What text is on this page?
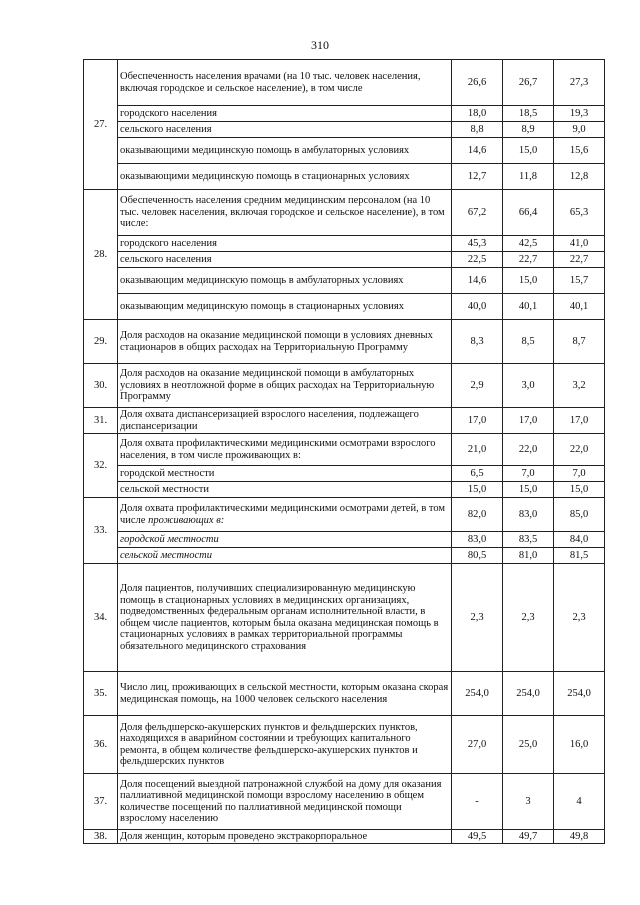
310
27.	Обеспеченность населения врачами (на 10 тыс. человек населения, включая городское и сельское население), в том числе	26,6	26,7	27,3
	городского населения	18,0	18,5	19,3
	сельского населения	8,8	8,9	9,0
	оказывающими медицинскую помощь в амбулаторных условиях	14,6	15,0	15,6
	оказывающими медицинскую помощь в стационарных условиях	12,7	11,8	12,8
28.	Обеспеченность населения средним медицинским персоналом (на 10 тыс. человек населения, включая городское и сельское население), в том числе:	67,2	66,4	65,3
	городского населения	45,3	42,5	41,0
	сельского населения	22,5	22,7	22,7
	оказывающим медицинскую помощь в амбулаторных условиях	14,6	15,0	15,7
	оказывающим медицинскую помощь в стационарных условиях	40,0	40,1	40,1
29.	Доля расходов на оказание медицинской помощи в условиях дневных стационаров в общих расходах на Территориальную Программу	8,3	8,5	8,7
30.	Доля расходов на оказание медицинской помощи в амбулаторных условиях в неотложной форме в общих расходах на Территориальную Программу	2,9	3,0	3,2
31.	Доля охвата диспансеризацией взрослого населения, подлежащего диспансеризации	17,0	17,0	17,0
32.	Доля охвата профилактическими медицинскими осмотрами взрослого населения, в том числе проживающих в:	21,0	22,0	22,0
	городской местности	6,5	7,0	7,0
	сельской местности	15,0	15,0	15,0
33.	Доля охвата профилактическими медицинскими осмотрами детей, в том числе проживающих в:	82,0	83,0	85,0
	городской местности	83,0	83,5	84,0
	сельской местности	80,5	81,0	81,5
34.	Доля пациентов, получивших специализированную медицинскую помощь в стационарных условиях в медицинских организациях, подведомственных федеральным органам исполнительной власти, в общем числе пациентов, которым была оказана медицинская помощь в стационарных условиях в рамках территориальной программы обязательного медицинского страхования	2,3	2,3	2,3
35.	Число лиц, проживающих в сельской местности, которым оказана скорая медицинская помощь, на 1000 человек сельского населения	254,0	254,0	254,0
36.	Доля фельдшерско-акушерских пунктов и фельдшерских пунктов, находящихся в аварийном состоянии и требующих капитального ремонта, в общем количестве фельдшерско-акушерских пунктов и фельдшерских пунктов	27,0	25,0	16,0
37.	Доля посещений выездной патронажной службой на дому для оказания паллиативной медицинской помощи взрослому населению в общем количестве посещений по паллиативной медицинской помощи взрослому населению	-	3	4
38.	Доля женщин, которым проведено экстракорпоральное	49,5	49,7	49,8
